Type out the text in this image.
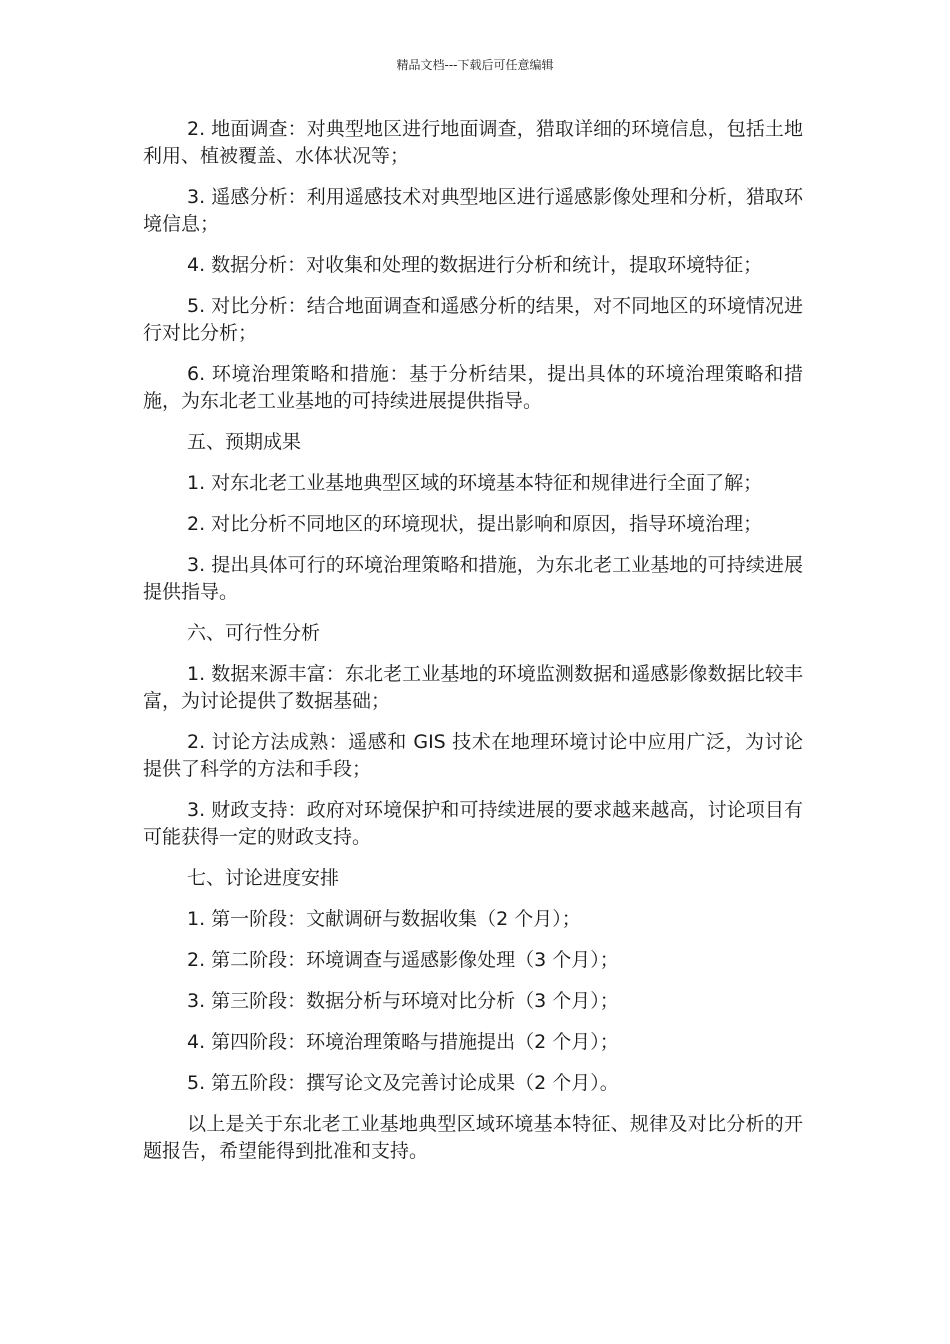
精品文档---下载后可任意编辑

2. 地面调查：对典型地区进行地面调查，猎取详细的环境信息，包括土地利用、植被覆盖、水体状况等；

3. 遥感分析：利用遥感技术对典型地区进行遥感影像处理和分析，猎取环境信息；

4. 数据分析：对收集和处理的数据进行分析和统计，提取环境特征；

5. 对比分析：结合地面调查和遥感分析的结果，对不同地区的环境情况进行对比分析；

6. 环境治理策略和措施：基于分析结果，提出具体的环境治理策略和措施，为东北老工业基地的可持续进展提供指导。

五、预期成果

1. 对东北老工业基地典型区域的环境基本特征和规律进行全面了解；

2. 对比分析不同地区的环境现状，提出影响和原因，指导环境治理；

3. 提出具体可行的环境治理策略和措施，为东北老工业基地的可持续进展提供指导。

六、可行性分析

1. 数据来源丰富：东北老工业基地的环境监测数据和遥感影像数据比较丰富，为讨论提供了数据基础；

2. 讨论方法成熟：遥感和 GIS 技术在地理环境讨论中应用广泛，为讨论提供了科学的方法和手段；

3. 财政支持：政府对环境保护和可持续进展的要求越来越高，讨论项目有可能获得一定的财政支持。

七、讨论进度安排

1. 第一阶段：文献调研与数据收集（2 个月）；

2. 第二阶段：环境调查与遥感影像处理（3 个月）；

3. 第三阶段：数据分析与环境对比分析（3 个月）；

4. 第四阶段：环境治理策略与措施提出（2 个月）；

5. 第五阶段：撰写论文及完善讨论成果（2 个月）。

以上是关于东北老工业基地典型区域环境基本特征、规律及对比分析的开题报告，希望能得到批准和支持。
